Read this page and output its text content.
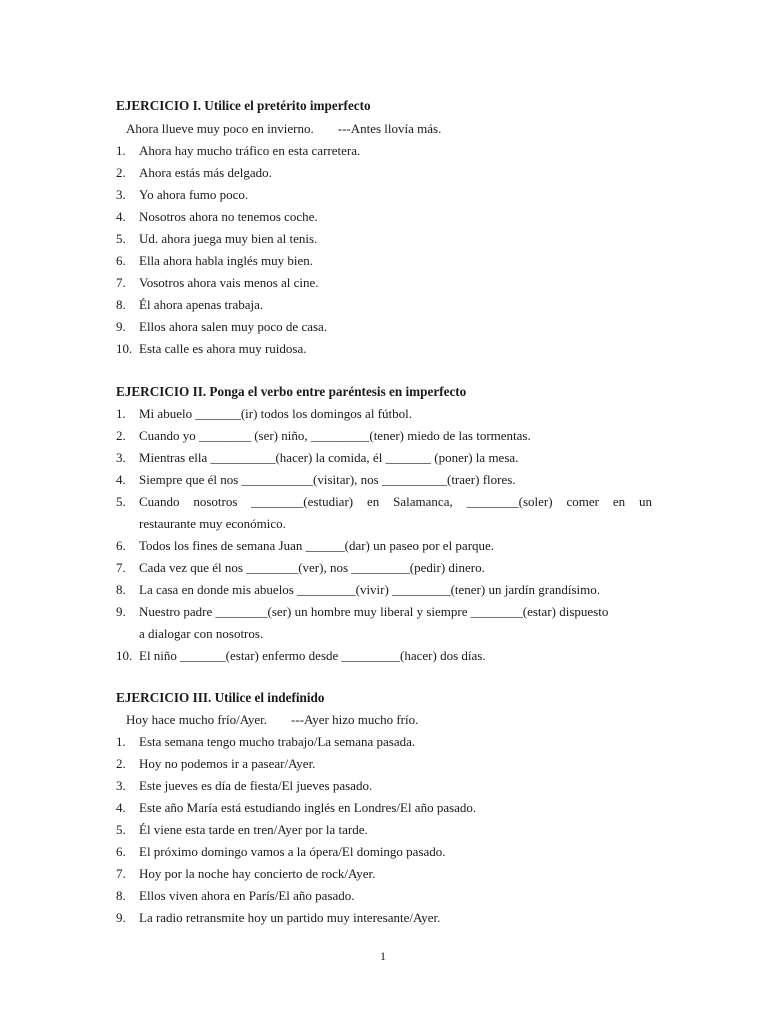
EJERCICIO I. Utilice el pretérito imperfecto
Ahora llueve muy poco en invierno. ---Antes llovía más.
1. Ahora hay mucho tráfico en esta carretera.
2. Ahora estás más delgado.
3. Yo ahora fumo poco.
4. Nosotros ahora no tenemos coche.
5. Ud. ahora juega muy bien al tenis.
6. Ella ahora habla inglés muy bien.
7. Vosotros ahora vais menos al cine.
8. Él ahora apenas trabaja.
9. Ellos ahora salen muy poco de casa.
10. Esta calle es ahora muy ruidosa.
EJERCICIO II. Ponga el verbo entre paréntesis en imperfecto
1. Mi abuelo _______(ir) todos los domingos al fútbol.
2. Cuando yo ________ (ser) niño, _________(tener) miedo de las tormentas.
3. Mientras ella __________(hacer) la comida, él _______ (poner) la mesa.
4. Siempre que él nos ___________(visitar), nos __________(traer) flores.
5. Cuando nosotros ________(estudiar) en Salamanca, ________(soler) comer en un
restaurante muy económico.
6. Todos los fines de semana Juan ______(dar) un paseo por el parque.
7. Cada vez que él nos ________(ver), nos _________(pedir) dinero.
8. La casa en donde mis abuelos _________(vivir) _________(tener) un jardín grandísimo.
9. Nuestro padre ________(ser) un hombre muy liberal y siempre ________(estar) dispuesto
a dialogar con nosotros.
10. El niño _______(estar) enfermo desde _________(hacer) dos días.
EJERCICIO III. Utilice el indefinido
Hoy hace mucho frío/Ayer. ---Ayer hizo mucho frío.
1. Esta semana tengo mucho trabajo/La semana pasada.
2. Hoy no podemos ir a pasear/Ayer.
3. Este jueves es día de fiesta/El jueves pasado.
4. Este año María está estudiando inglés en Londres/El año pasado.
5. Él viene esta tarde en tren/Ayer por la tarde.
6. El próximo domingo vamos a la ópera/El domingo pasado.
7. Hoy por la noche hay concierto de rock/Ayer.
8. Ellos viven ahora en París/El año pasado.
9. La radio retransmite hoy un partido muy interesante/Ayer.
1
